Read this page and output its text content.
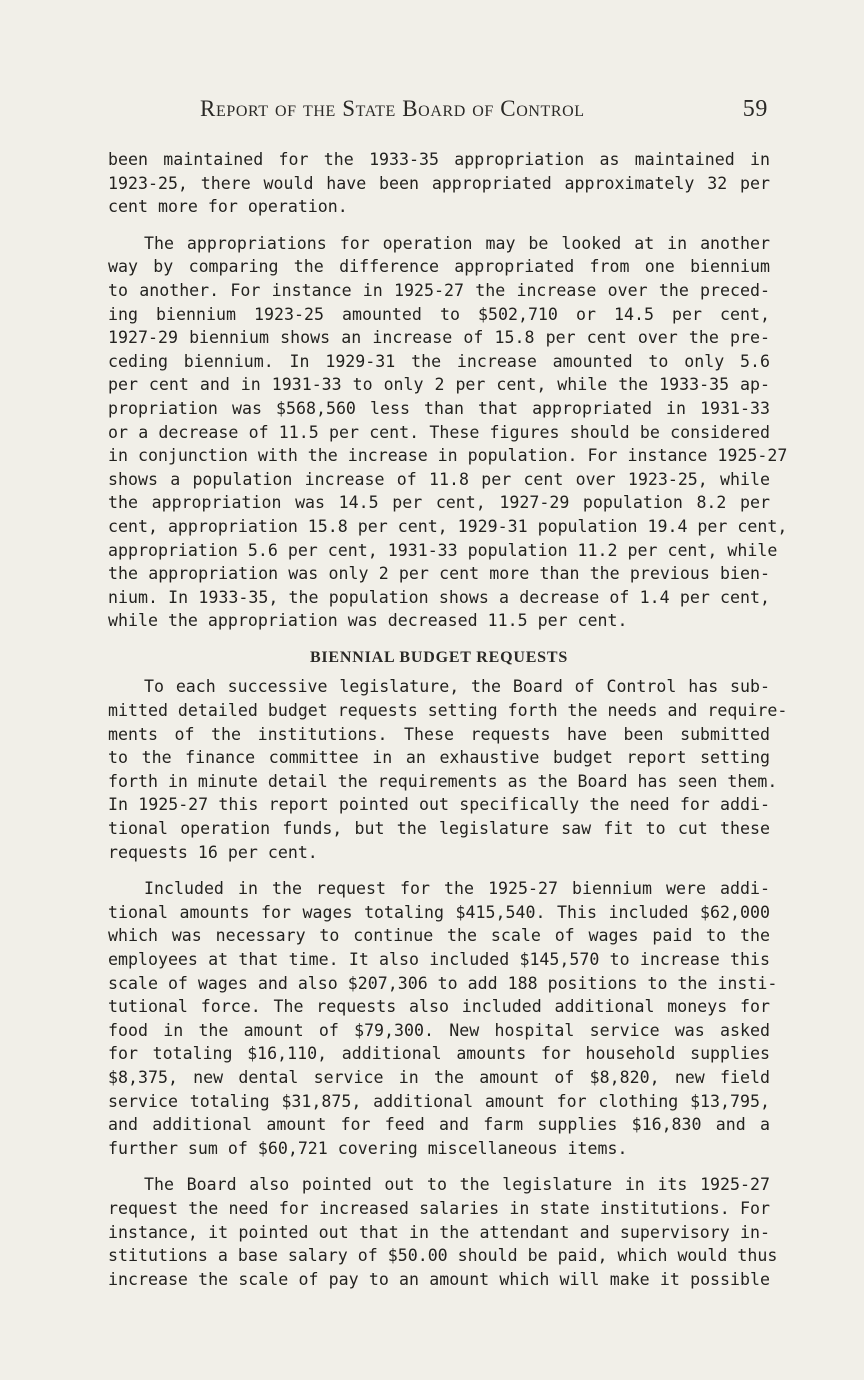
Report of the State Board of Control	59
been maintained for the 1933-35 appropriation as maintained in
1923-25, there would have been appropriated approximately 32 per
cent more for operation.
The appropriations for operation may be looked at in another
way by comparing the difference appropriated from one biennium
to another. For instance in 1925-27 the increase over the preced-
ing biennium 1923-25 amounted to $502,710 or 14.5 per cent,
1927-29 biennium shows an increase of 15.8 per cent over the pre-
ceding biennium. In 1929-31 the increase amounted to only 5.6
per cent and in 1931-33 to only 2 per cent, while the 1933-35 ap-
propriation was $568,560 less than that appropriated in 1931-33
or a decrease of 11.5 per cent. These figures should be considered
in conjunction with the increase in population. For instance 1925-27
shows a population increase of 11.8 per cent over 1923-25, while
the appropriation was 14.5 per cent, 1927-29 population 8.2 per
cent, appropriation 15.8 per cent, 1929-31 population 19.4 per cent,
appropriation 5.6 per cent, 1931-33 population 11.2 per cent, while
the appropriation was only 2 per cent more than the previous bien-
nium. In 1933-35, the population shows a decrease of 1.4 per cent,
while the appropriation was decreased 11.5 per cent.
BIENNIAL BUDGET REQUESTS
To each successive legislature, the Board of Control has sub-
mitted detailed budget requests setting forth the needs and require-
ments of the institutions. These requests have been submitted
to the finance committee in an exhaustive budget report setting
forth in minute detail the requirements as the Board has seen them.
In 1925-27 this report pointed out specifically the need for addi-
tional operation funds, but the legislature saw fit to cut these
requests 16 per cent.
Included in the request for the 1925-27 biennium were addi-
tional amounts for wages totaling $415,540. This included $62,000
which was necessary to continue the scale of wages paid to the
employees at that time. It also included $145,570 to increase this
scale of wages and also $207,306 to add 188 positions to the insti-
tutional force. The requests also included additional moneys for
food in the amount of $79,300. New hospital service was asked
for totaling $16,110, additional amounts for household supplies
$8,375, new dental service in the amount of $8,820, new field
service totaling $31,875, additional amount for clothing $13,795,
and additional amount for feed and farm supplies $16,830 and a
further sum of $60,721 covering miscellaneous items.
The Board also pointed out to the legislature in its 1925-27
request the need for increased salaries in state institutions. For
instance, it pointed out that in the attendant and supervisory in-
stitutions a base salary of $50.00 should be paid, which would thus
increase the scale of pay to an amount which will make it possible
